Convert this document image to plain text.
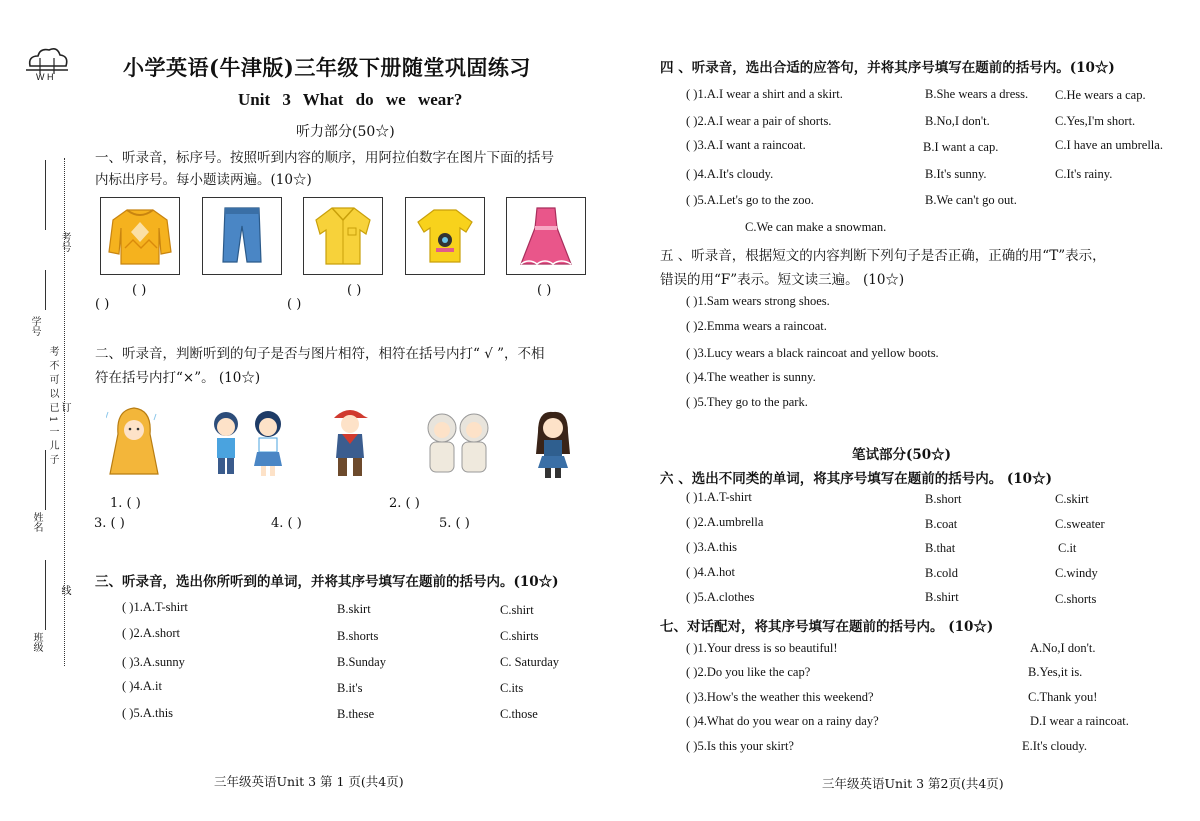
W H	小学英语(牛津版)三年级下册随堂巩固练习
Unit 3 What do we wear?
听力部分(50☆)
考号
学号
考不可以已1一儿子 订
姓名
线
班级
一、听录音，标序号。按照听到内容的顺序，用阿拉伯数字在图片下面的括号
内标出序号。每小题读两遍。(10☆)
( )
( )	( )
( )	( )
二、听录音，判断听到的句子是否与图片相符，相符在括号内打“ √ ”，不相
符在括号内打“×”。 (10☆)
1. ( )	2. ( )
3. ( )	4. ( )	5. ( )
三、听录音，选出你所听到的单词，并将其序号填写在题前的括号内。(10☆)
( )1.A.T-shirt	B.skirt	C.shirt
( )2.A.short	B.shorts	C.shirts
( )3.A.sunny	B.Sunday	C. Saturday
( )4.A.it	B.it's	C.its
( )5.A.this	B.these	C.those
三年级英语Unit 3 第 1 页(共4页)
四 、听录音，选出合适的应答句，并将其序号填写在题前的括号内。(10☆)
( )1.A.I wear a shirt and a skirt.	B.She wears a dress. C.He wears a cap.
( )2.A.I wear a pair of shorts.	B.No,I don't.	C.Yes,I'm short.
( )3.A.I want a raincoat.	B.I want a cap.	C.I have an umbrella.
( )4.A.It's cloudy.	B.It's sunny.	C.It's rainy.
( )5.A.Let's go to the zoo.	B.We can't go out.
C.We can make a snowman.
五 、听录音，根据短文的内容判断下列句子是否正确，正确的用“T”表示，
错误的用“F”表示。短文读三遍。 (10☆)
( )1.Sam wears strong shoes.
( )2.Emma wears a raincoat.
( )3.Lucy wears a black raincoat and yellow boots.
( )4.The weather is sunny.
( )5.They go to the park.
笔试部分(50☆)
六 、选出不同类的单词，将其序号填写在题前的括号内。 (10☆)
( )1.A.T-shirt	B.short	C.skirt
( )2.A.umbrella	B.coat	C.sweater
( )3.A.this	B.that	C.it
( )4.A.hot	B.cold	C.windy
( )5.A.clothes	B.shirt	C.shorts
七、对话配对，将其序号填写在题前的括号内。 (10☆)
( )1.Your dress is so beautiful!	A.No,I don't.
( )2.Do you like the cap?	B.Yes,it is.
( )3.How's the weather this weekend?	C.Thank you!
( )4.What do you wear on a rainy day?	D.I wear a raincoat.
( )5.Is this your skirt?	E.It's cloudy.
三年级英语Unit 3 第2页(共4页)
